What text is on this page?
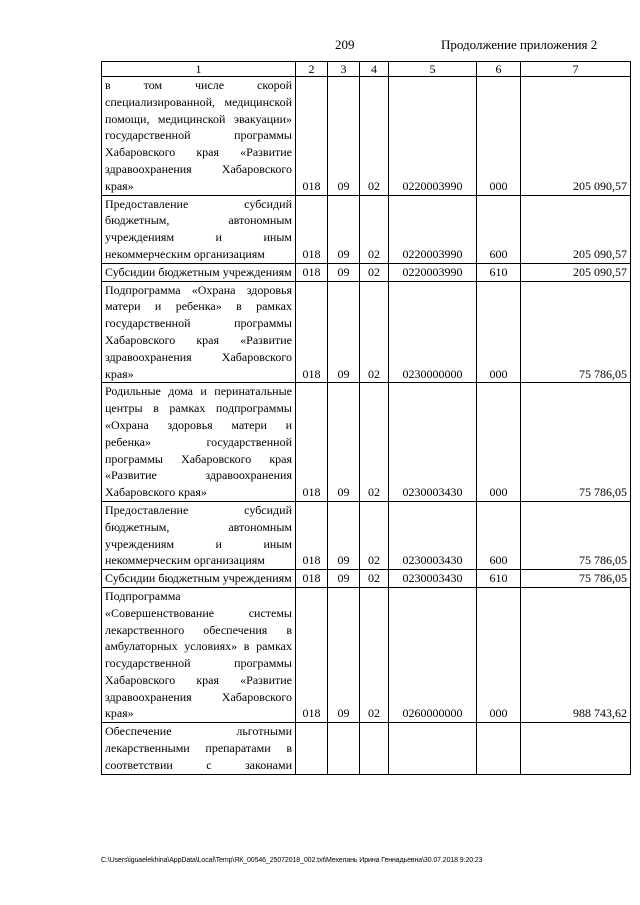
209	Продолжение приложения 2
1	2	3	4	5	6	7
в том числе скорой специализированной, медицинской помощи, медицинской эвакуации» государственной программы Хабаровского края «Развитие здравоохранения Хабаровского края»	018	09	02	0220003990	000	205 090,57
Предоставление субсидий бюджетным, автономным учреждениям и иным некоммерческим организациям	018	09	02	0220003990	600	205 090,57
Субсидии бюджетным учреждениям	018	09	02	0220003990	610	205 090,57
Подпрограмма «Охрана здоровья матери и ребенка» в рамках государственной программы Хабаровского края «Развитие здравоохранения Хабаровского края»	018	09	02	0230000000	000	75 786,05
Родильные дома и перинатальные центры в рамках подпрограммы «Охрана здоровья матери и ребенка» государственной программы Хабаровского края «Развитие здравоохранения Хабаровского края»	018	09	02	0230003430	000	75 786,05
Предоставление субсидий бюджетным, автономным учреждениям и иным некоммерческим организациям	018	09	02	0230003430	600	75 786,05
Субсидии бюджетным учреждениям	018	09	02	0230003430	610	75 786,05
Подпрограмма «Совершенствование системы лекарственного обеспечения в амбулаторных условиях» в рамках государственной программы Хабаровского края «Развитие здравоохранения Хабаровского края»	018	09	02	0260000000	000	988 743,62
Обеспечение льготными лекарственными препаратами в соответствии с законами						
C:\Users\iguaelekhina\AppData\Local\Temp\ЯК_00546_25072018_002.txt\Мехелань Ирина Геннадьевна\30.07.2018 9:20:23
